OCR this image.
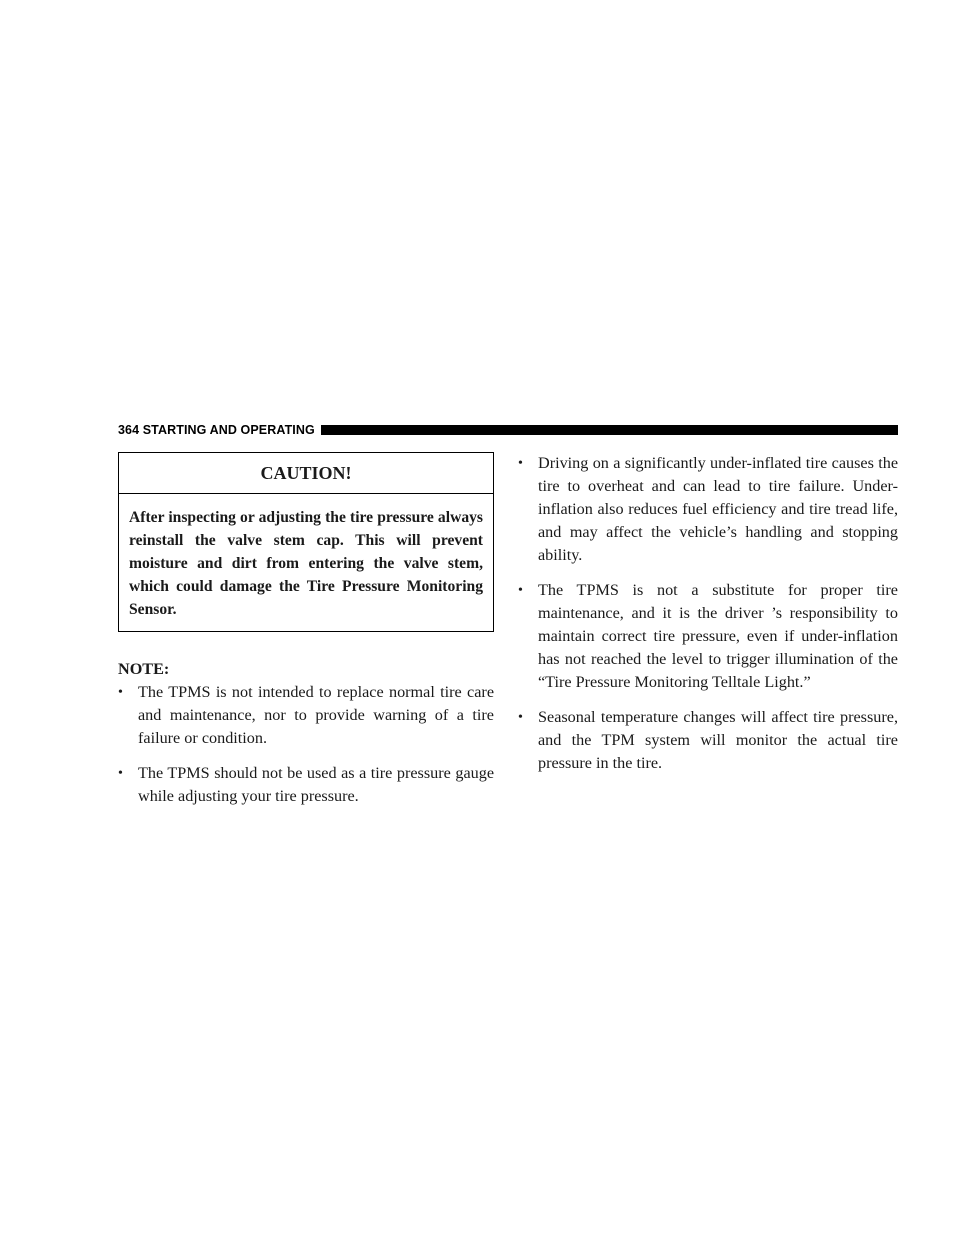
364 STARTING AND OPERATING
CAUTION!
After inspecting or adjusting the tire pressure always reinstall the valve stem cap. This will prevent moisture and dirt from entering the valve stem, which could damage the Tire Pressure Monitoring Sensor.
NOTE:
• The TPMS is not intended to replace normal tire care and maintenance, nor to provide warning of a tire failure or condition.
• The TPMS should not be used as a tire pressure gauge while adjusting your tire pressure.
• Driving on a significantly under-inflated tire causes the tire to overheat and can lead to tire failure. Under-inflation also reduces fuel efficiency and tire tread life, and may affect the vehicle’s handling and stopping ability.
• The TPMS is not a substitute for proper tire maintenance, and it is the driver ’s responsibility to maintain correct tire pressure, even if under-inflation has not reached the level to trigger illumination of the “Tire Pressure Monitoring Telltale Light.”
• Seasonal temperature changes will affect tire pressure, and the TPM system will monitor the actual tire pressure in the tire.
